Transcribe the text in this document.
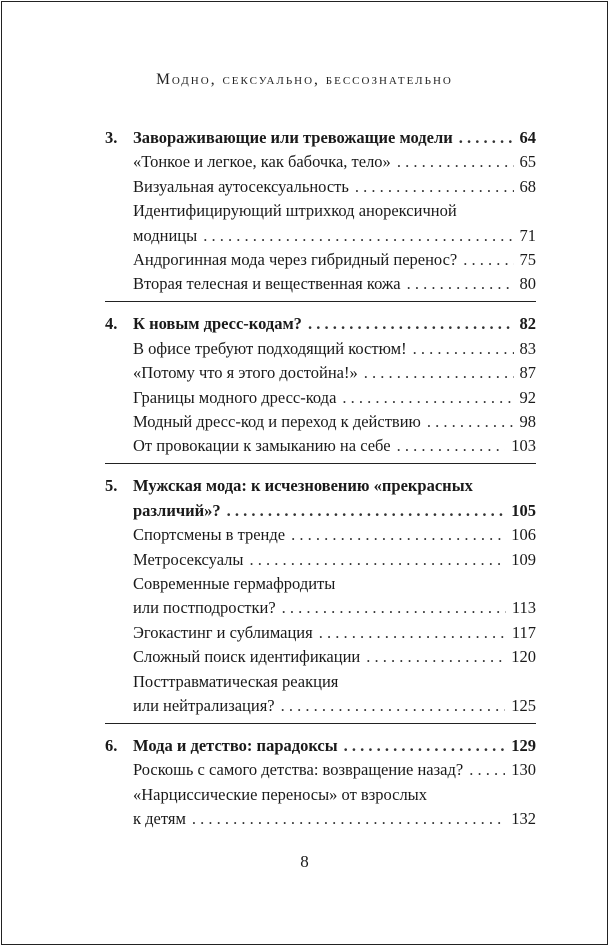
Модно, сексуально, бессознательно
3. Завораживающие или тревожащие модели . . .	64
«Тонкое и легкое, как бабочка, тело» . . .	65
Визуальная аутосексуальность . . .	68
Идентифицирующий штрихкод анорексичной
модницы . . .	71
Андрогинная мода через гибридный перенос? . . .	75
Вторая телесная и вещественная кожа . . .	80
4. К новым дресс-кодам? . . .	82
В офисе требуют подходящий костюм! . . .	83
«Потому что я этого достойна!» . . .	87
Границы модного дресс-кода . . .	92
Модный дресс-код и переход к действию . . .	98
От провокации к замыканию на себе . . .	103
5. Мужская мода: к исчезновению «прекрасных
различий»? . . .	105
Спортсмены в тренде . . .	106
Метросексуалы . . .	109
Современные гермафродиты
или постподростки? . . .	113
Эгокастинг и сублимация . . .	117
Сложный поиск идентификации . . .	120
Посттравматическая реакция
или нейтрализация? . . .	125
6. Мода и детство: парадоксы . . .	129
Роскошь с самого детства: возвращение назад? . . .	130
«Нарциссические переносы» от взрослых
к детям . . .	132
8
